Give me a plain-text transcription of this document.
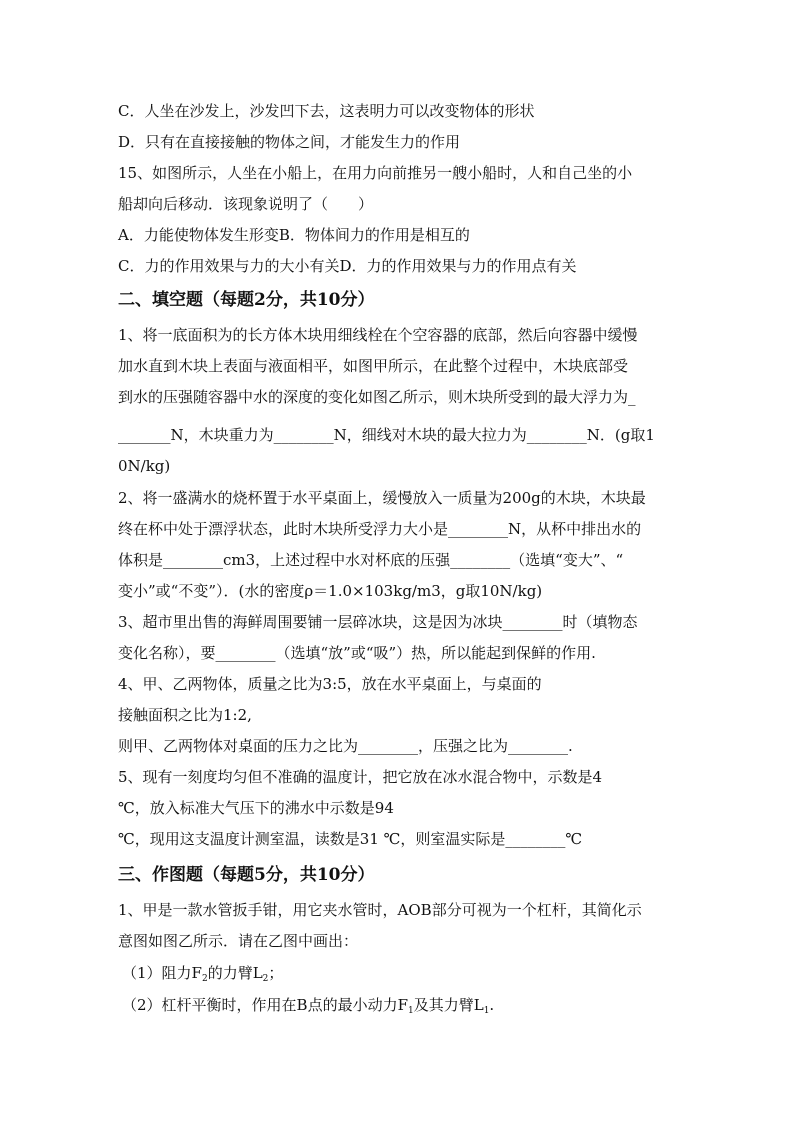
C．人坐在沙发上，沙发凹下去，这表明力可以改变物体的形状
D．只有在直接接触的物体之间，才能发生力的作用
15、如图所示，人坐在小船上，在用力向前推另一艘小船时，人和自己坐的小
船却向后移动．该现象说明了（　　）
A．力能使物体发生形变B．物体间力的作用是相互的
C．力的作用效果与力的大小有关D．力的作用效果与力的作用点有关
二、填空题（每题2分，共10分）
1、将一底面积为的长方体木块用细线栓在个空容器的底部，然后向容器中缓慢
加水直到木块上表面与液面相平，如图甲所示，在此整个过程中，木块底部受
到水的压强随容器中水的深度的变化如图乙所示，则木块所受到的最大浮力为_
_______N，木块重力为________N，细线对木块的最大拉力为________N．(g取1
0N/kg)
2、将一盛满水的烧杯置于水平桌面上，缓慢放入一质量为200g的木块，木块最
终在杯中处于漂浮状态，此时木块所受浮力大小是________N，从杯中排出水的
体积是________cm3，上述过程中水对杯底的压强________（选填“变大”、“
变小”或“不变”）．(水的密度ρ＝1.0×103kg/m3，g取10N/kg)
3、超市里出售的海鲜周围要铺一层碎冰块，这是因为冰块________时（填物态
变化名称），要________（选填“放”或“吸”）热，所以能起到保鲜的作用.
4、甲、乙两物体，质量之比为3:5，放在水平桌面上，与桌面的
接触面积之比为1:2,
则甲、乙两物体对桌面的压力之比为________，压强之比为________.
5、现有一刻度均匀但不准确的温度计，把它放在冰水混合物中，示数是4
℃，放入标准大气压下的沸水中示数是94
℃，现用这支温度计测室温，读数是31 ℃，则室温实际是________℃
三、作图题（每题5分，共10分）
1、甲是一款水管扳手钳，用它夹水管时，AOB部分可视为一个杠杆，其简化示
意图如图乙所示．请在乙图中画出：
（1）阻力$F_2$的力臂$L_2$；
（2）杠杆平衡时，作用在B点的最小动力$F_1$及其力臂$L_1$.
